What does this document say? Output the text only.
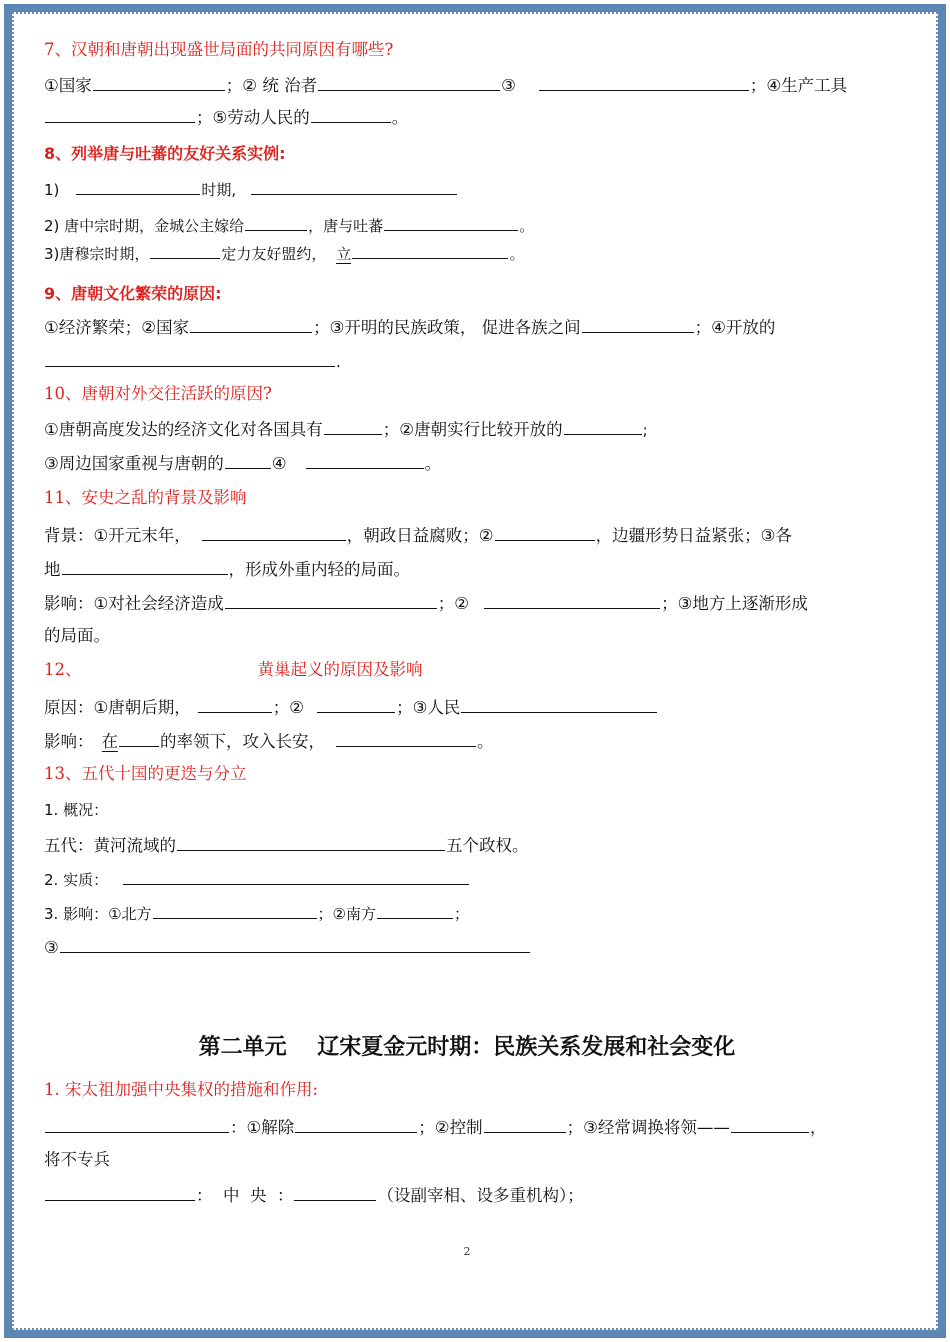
7、汉朝和唐朝出现盛世局面的共同原因有哪些?
①国家	；② 统 治者	③	；④生产工具
；⑤劳动人民的	。
8、列举唐与吐蕃的友好关系实例:
1)	时期,
2) 唐中宗时期，金城公主嫁给	，唐与吐蕃	。
3)唐穆宗时期，	定力友好盟约， 立	。
9、唐朝文化繁荣的原因:
①经济繁荣；②国家	；③开明的民族政策， 促进各族之间	；④开放的
.
10、唐朝对外交往活跃的原因?
①唐朝高度发达的经济文化对各国具有	；②唐朝实行比较开放的	;
③周边国家重视与唐朝的	④	。
11、安史之乱的背景及影响
背景：①开元末年，	，朝政日益腐败；②	，边疆形势日益紧张；③各
地	，形成外重内轻的局面。
影响：①对社会经济造成	；②	；③地方上逐渐形成
的局面。
12、	黄巢起义的原因及影响
原因：①唐朝后期，	；②	；③人民
影响： 在	的率领下，攻入长安，	。
13、五代十国的更迭与分立
1. 概况：
五代：黄河流域的	五个政权。
2. 实质：
3. 影响：①北方	；②南方	；
③
第二单元    辽宋夏金元时期：民族关系发展和社会变化
1. 宋太祖加强中央集权的措施和作用:
：①解除	；②控制	；③经常调换将领——	，
将不专兵
：  中  央  ：	（设副宰相、设多重机构）；
2
